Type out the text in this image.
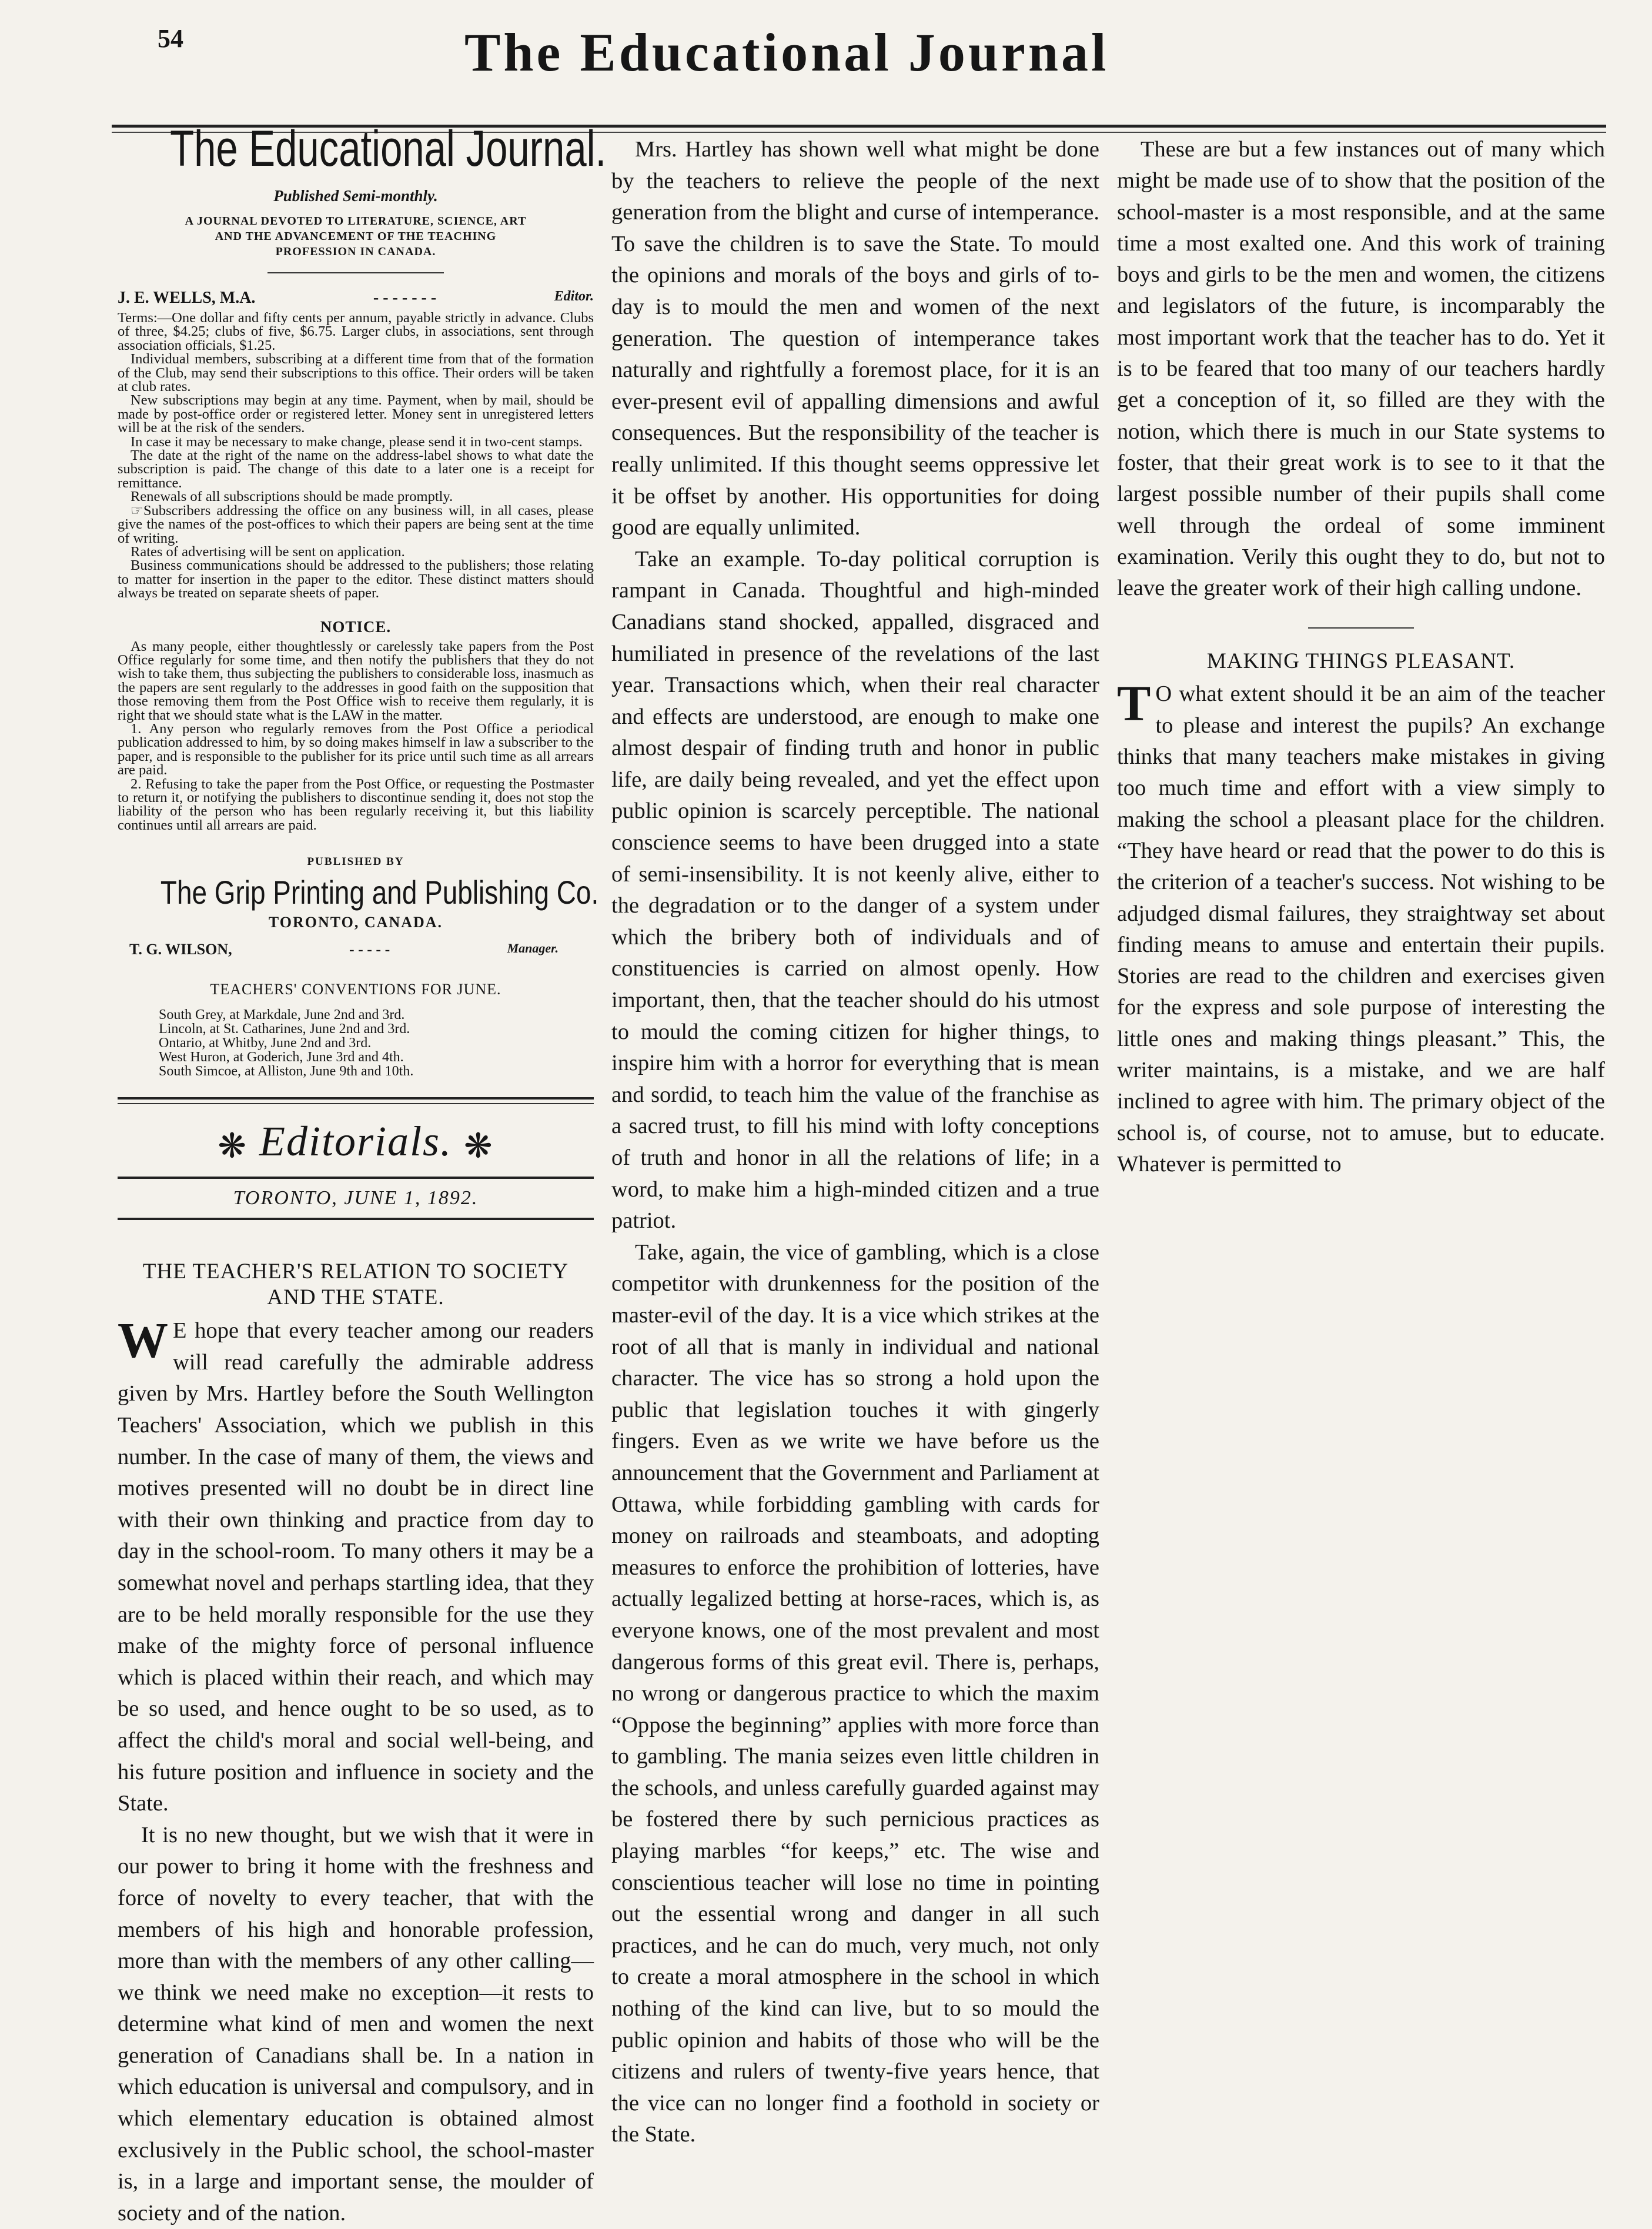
54	The Educational Journal
The Educational Journal.
Published Semi-monthly.
A JOURNAL DEVOTED TO LITERATURE, SCIENCE, ART AND THE ADVANCEMENT OF THE TEACHING PROFESSION IN CANADA.
J. E. WELLS, M.A.	- - - - - - -	Editor.

Terms:—One dollar and fifty cents per annum, payable strictly in advance. Clubs of three, $4.25; clubs of five, $6.75. Larger clubs, in associations, sent through association officials, $1.25.

Individual members, subscribing at a different time from that of the formation of the Club, may send their subscriptions to this office. Their orders will be taken at club rates.

New subscriptions may begin at any time. Payment, when by mail, should be made by post-office order or registered letter. Money sent in unregistered letters will be at the risk of the senders.

In case it may be necessary to make change, please send it in two-cent stamps.

The date at the right of the name on the address-label shows to what date the subscription is paid. The change of this date to a later one is a receipt for remittance.

Renewals of all subscriptions should be made promptly.

☞Subscribers addressing the office on any business will, in all cases, please give the names of the post-offices to which their papers are being sent at the time of writing.

Rates of advertising will be sent on application.

Business communications should be addressed to the publishers; those relating to matter for insertion in the paper to the editor. These distinct matters should always be treated on separate sheets of paper.

NOTICE.

As many people, either thoughtlessly or carelessly take papers from the Post Office regularly for some time, and then notify the publishers that they do not wish to take them, thus subjecting the publishers to considerable loss, inasmuch as the papers are sent regularly to the addresses in good faith on the supposition that those removing them from the Post Office wish to receive them regularly, it is right that we should state what is the LAW in the matter.

1. Any person who regularly removes from the Post Office a periodical publication addressed to him, by so doing makes himself in law a subscriber to the paper, and is responsible to the publisher for its price until such time as all arrears are paid.

2. Refusing to take the paper from the Post Office, or requesting the Postmaster to return it, or notifying the publishers to discontinue sending it, does not stop the liability of the person who has been regularly receiving it, but this liability continues until all arrears are paid.

PUBLISHED BY
The Grip Printing and Publishing Co.
TORONTO, CANADA.
T. G. WILSON,	- - - - -	Manager.
TEACHERS' CONVENTIONS FOR JUNE.

South Grey, at Markdale, June 2nd and 3rd.

Lincoln, at St. Catharines, June 2nd and 3rd.

Ontario, at Whitby, June 2nd and 3rd.

West Huron, at Goderich, June 3rd and 4th.

South Simcoe, at Alliston, June 9th and 10th.

❋ Editorials. ❋
TORONTO, JUNE 1, 1892.
THE TEACHER'S RELATION TO SOCIETY AND THE STATE.

W E hope that every teacher among our readers will read carefully the admirable address given by Mrs. Hartley before the South Wellington Teachers' Association, which we publish in this number. In the case of many of them, the views and motives presented will no doubt be in direct line with their own thinking and practice from day to day in the school-room. To many others it may be a somewhat novel and perhaps startling idea, that they are to be held morally responsible for the use they make of the mighty force of personal influence which is placed within their reach, and which may be so used, and hence ought to be so used, as to affect the child's moral and social well-being, and his future position and influence in society and the State.

It is no new thought, but we wish that it were in our power to bring it home with the freshness and force of novelty to every teacher, that with the members of his high and honorable profession, more than with the members of any other calling—we think we need make no exception—it rests to determine what kind of men and women the next generation of Canadians shall be. In a nation in which education is universal and compulsory, and in which elementary education is obtained almost exclusively in the Public school, the school-master is, in a large and important sense, the moulder of society and of the nation.

Mrs. Hartley has shown well what might be done by the teachers to relieve the people of the next generation from the blight and curse of intemperance. To save the children is to save the State. To mould the opinions and morals of the boys and girls of to-day is to mould the men and women of the next generation. The question of intemperance takes naturally and rightfully a foremost place, for it is an ever-present evil of appalling dimensions and awful consequences. But the responsibility of the teacher is really unlimited. If this thought seems oppressive let it be offset by another. His opportunities for doing good are equally unlimited.

Take an example. To-day political corruption is rampant in Canada. Thoughtful and high-minded Canadians stand shocked, appalled, disgraced and humiliated in presence of the revelations of the last year. Transactions which, when their real character and effects are understood, are enough to make one almost despair of finding truth and honor in public life, are daily being revealed, and yet the effect upon public opinion is scarcely perceptible. The national conscience seems to have been drugged into a state of semi-insensibility. It is not keenly alive, either to the degradation or to the danger of a system under which the bribery both of individuals and of constituencies is carried on almost openly. How important, then, that the teacher should do his utmost to mould the coming citizen for higher things, to inspire him with a horror for everything that is mean and sordid, to teach him the value of the franchise as a sacred trust, to fill his mind with lofty conceptions of truth and honor in all the relations of life; in a word, to make him a high-minded citizen and a true patriot.

Take, again, the vice of gambling, which is a close competitor with drunkenness for the position of the master-evil of the day. It is a vice which strikes at the root of all that is manly in individual and national character. The vice has so strong a hold upon the public that legislation touches it with gingerly fingers. Even as we write we have before us the announcement that the Government and Parliament at Ottawa, while forbidding gambling with cards for money on railroads and steamboats, and adopting measures to enforce the prohibition of lotteries, have actually legalized betting at horse-races, which is, as everyone knows, one of the most prevalent and most dangerous forms of this great evil. There is, perhaps, no wrong or dangerous practice to which the maxim “Oppose the beginning” applies with more force than to gambling. The mania seizes even little children in the schools, and unless carefully guarded against may be fostered there by such pernicious practices as playing marbles “for keeps,” etc. The wise and conscientious teacher will lose no time in pointing out the essential wrong and danger in all such practices, and he can do much, very much, not only to create a moral atmosphere in the school in which nothing of the kind can live, but to so mould the public opinion and habits of those who will be the citizens and rulers of twenty-five years hence, that the vice can no longer find a foothold in society or the State.

These are but a few instances out of many which might be made use of to show that the position of the school-master is a most responsible, and at the same time a most exalted one. And this work of training boys and girls to be the men and women, the citizens and legislators of the future, is incomparably the most important work that the teacher has to do. Yet it is to be feared that too many of our teachers hardly get a conception of it, so filled are they with the notion, which there is much in our State systems to foster, that their great work is to see to it that the largest possible number of their pupils shall come well through the ordeal of some imminent examination. Verily this ought they to do, but not to leave the greater work of their high calling undone.

MAKING THINGS PLEASANT.

T O what extent should it be an aim of the teacher to please and interest the pupils? An exchange thinks that many teachers make mistakes in giving too much time and effort with a view simply to making the school a pleasant place for the children. “They have heard or read that the power to do this is the criterion of a teacher's success. Not wishing to be adjudged dismal failures, they straightway set about finding means to amuse and entertain their pupils. Stories are read to the children and exercises given for the express and sole purpose of interesting the little ones and making things pleasant.” This, the writer maintains, is a mistake, and we are half inclined to agree with him. The primary object of the school is, of course, not to amuse, but to educate. Whatever is permitted to
